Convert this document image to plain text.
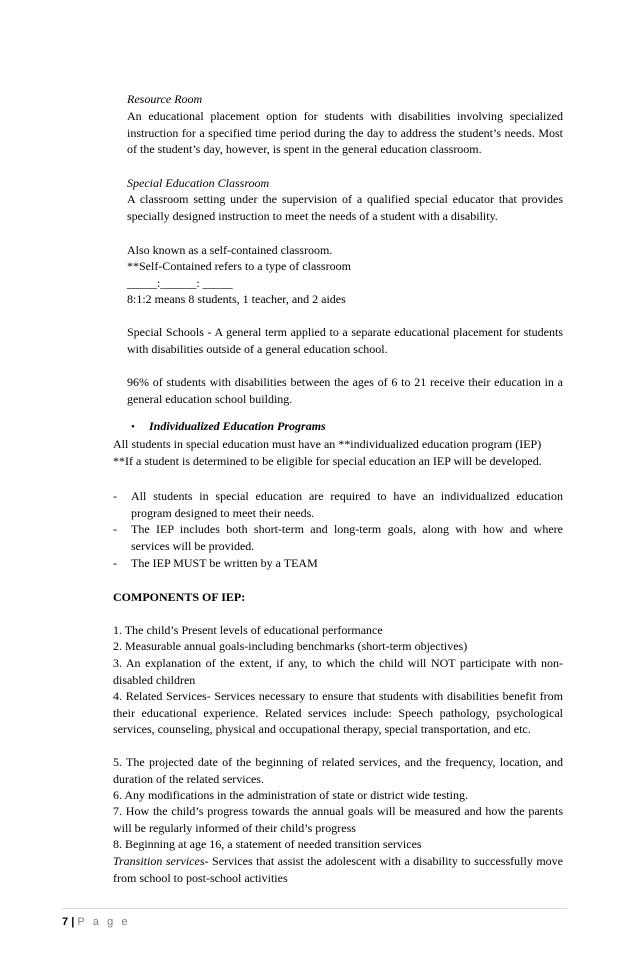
Resource Room
An educational placement option for students with disabilities involving specialized instruction for a specified time period during the day to address the student’s needs. Most of the student’s day, however, is spent in the general education classroom.
Special Education Classroom
A classroom setting under the supervision of a qualified special educator that provides specially designed instruction to meet the needs of a student with a disability.
Also known as a self-contained classroom.
**Self-Contained refers to a type of classroom
_____:______: _____
8:1:2 means 8 students, 1 teacher, and 2 aides
Special Schools - A general term applied to a separate educational placement for students with disabilities outside of a general education school.
96% of students with disabilities between the ages of 6 to 21 receive their education in a general education school building.
•	Individualized Education Programs
All students in special education must have an **individualized education program (IEP)
**If a student is determined to be eligible for special education an IEP will be developed.
-	All students in special education are required to have an individualized education program designed to meet their needs.
-	The IEP includes both short-term and long-term goals, along with how and where services will be provided.
-	The IEP MUST be written by a TEAM
COMPONENTS OF IEP:
1. The child’s Present levels of educational performance
2. Measurable annual goals-including benchmarks (short-term objectives)
3. An explanation of the extent, if any, to which the child will NOT participate with non-disabled children
4. Related Services- Services necessary to ensure that students with disabilities benefit from their educational experience. Related services include: Speech pathology, psychological services, counseling, physical and occupational therapy, special transportation, and etc.
5. The projected date of the beginning of related services, and the frequency, location, and duration of the related services.
6. Any modifications in the administration of state or district wide testing.
7. How the child’s progress towards the annual goals will be measured and how the parents will be regularly informed of their child’s progress
8. Beginning at age 16, a statement of needed transition services
Transition services- Services that assist the adolescent with a disability to successfully move from school to post-school activities
7 | P a g e
